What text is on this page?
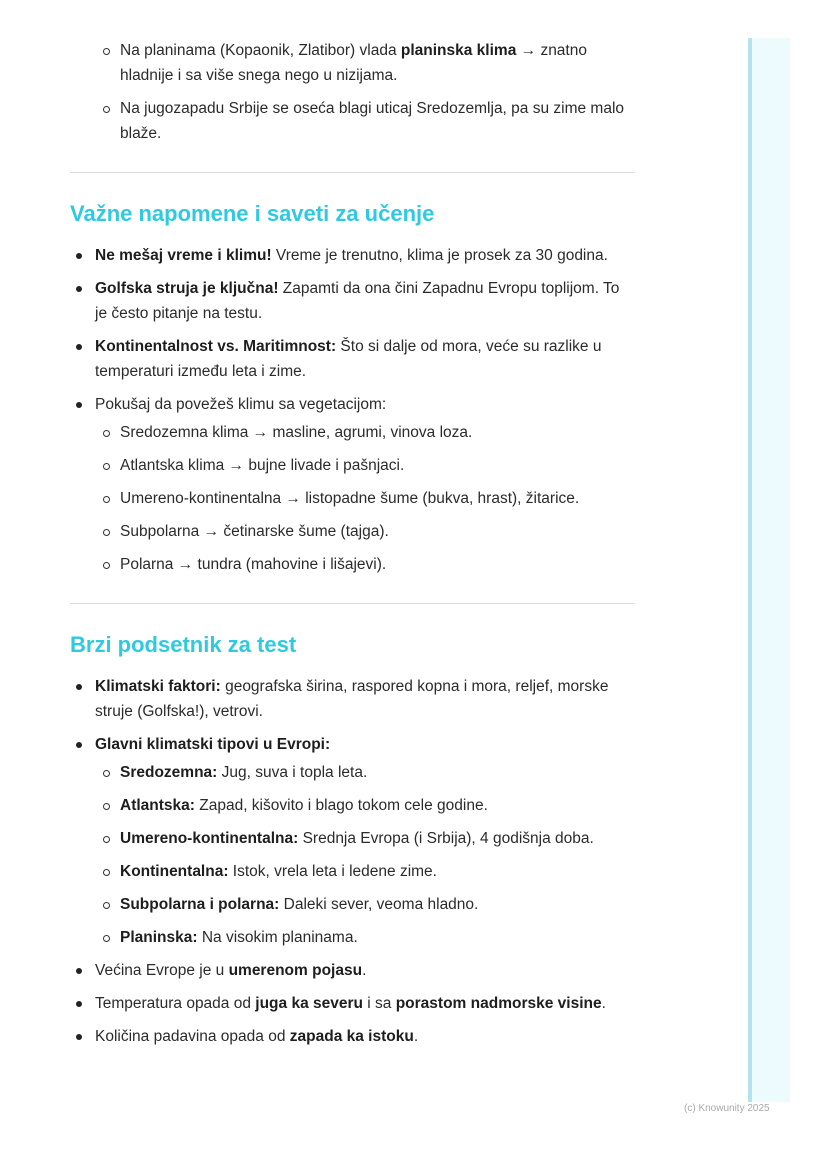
Na planinama (Kopaonik, Zlatibor) vlada planinska klima → znatno hladnije i sa više snega nego u nizijama.
Na jugozapadu Srbije se oseća blagi uticaj Sredozemlja, pa su zime malo blaže.
Važne napomene i saveti za učenje
Ne mešaj vreme i klimu! Vreme je trenutno, klima je prosek za 30 godina.
Golfska struja je ključna! Zapamti da ona čini Zapadnu Evropu toplijom. To je često pitanje na testu.
Kontinentalnost vs. Maritimnost: Što si dalje od mora, veće su razlike u temperaturi između leta i zime.
Pokušaj da povežeš klimu sa vegetacijom:
Sredozemna klima → masline, agrumi, vinova loza.
Atlantska klima → bujne livade i pašnjaci.
Umereno-kontinentalna → listopadne šume (bukva, hrast), žitarice.
Subpolarna → četinarske šume (tajga).
Polarna → tundra (mahovine i lišajevi).
Brzi podsetnik za test
Klimatski faktori: geografska širina, raspored kopna i mora, reljef, morske struje (Golfska!), vetrovi.
Glavni klimatski tipovi u Evropi:
Sredozemna: Jug, suva i topla leta.
Atlantska: Zapad, kišovito i blago tokom cele godine.
Umereno-kontinentalna: Srednja Evropa (i Srbija), 4 godišnja doba.
Kontinentalna: Istok, vrela leta i ledene zime.
Subpolarna i polarna: Daleki sever, veoma hladno.
Planinska: Na visokim planinama.
Većina Evrope je u umerenom pojasu.
Temperatura opada od juga ka severu i sa porastom nadmorske visine.
Količina padavina opada od zapada ka istoku.
(c) Knowunity 2025
